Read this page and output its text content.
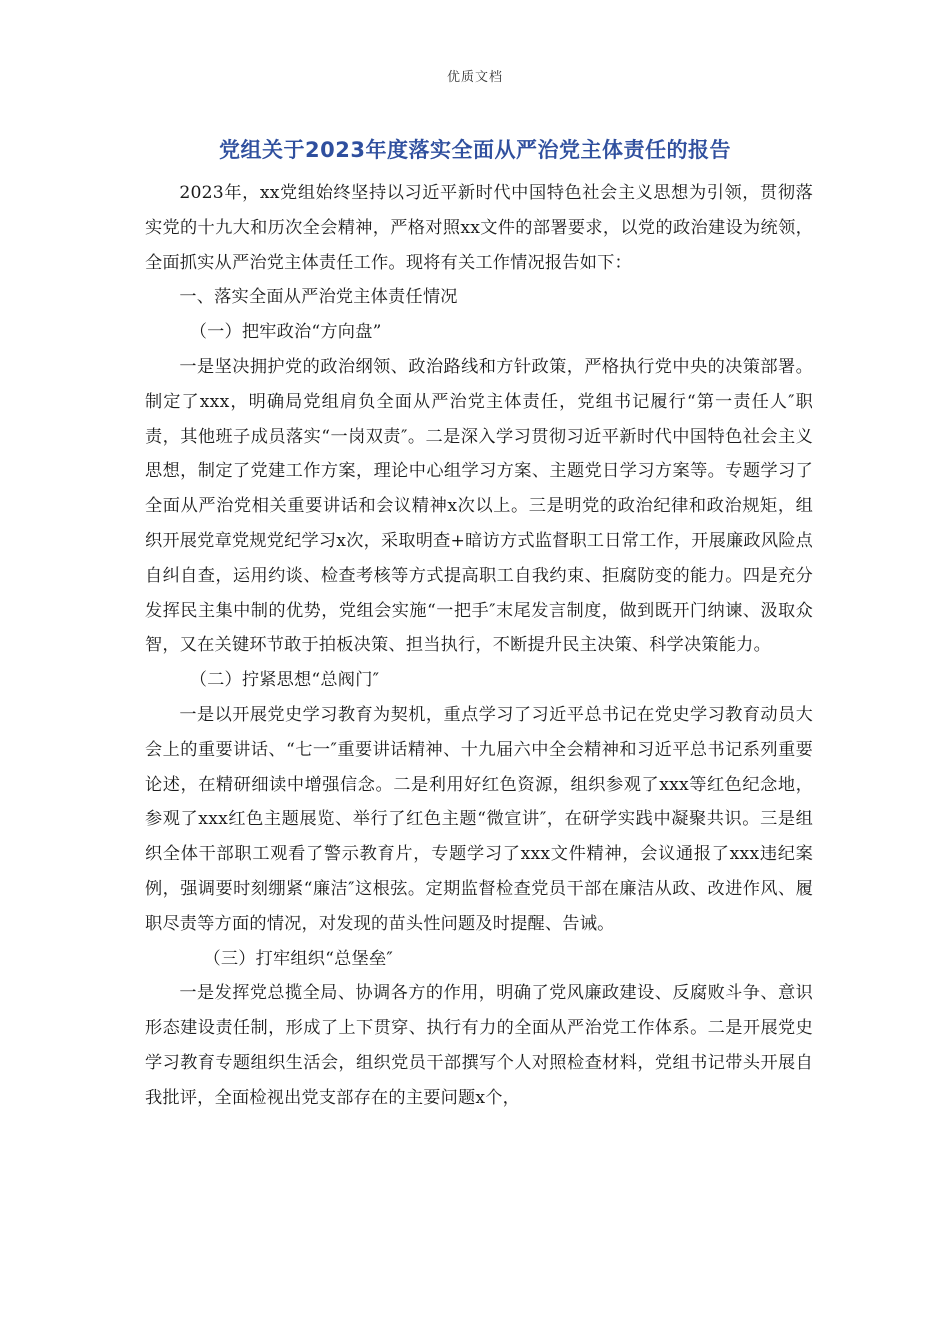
优质文档
党组关于2023年度落实全面从严治党主体责任的报告

2023年，xx党组始终坚持以习近平新时代中国特色社会主义思想为引领，贯彻落实党的十九大和历次全会精神，严格对照xx文件的部署要求，以党的政治建设为统领，全面抓实从严治党主体责任工作。现将有关工作情况报告如下：

一、落实全面从严治党主体责任情况

（一）把牢政治“方向盘”

一是坚决拥护党的政治纲领、政治路线和方针政策，严格执行党中央的决策部署。制定了xxx，明确局党组肩负全面从严治党主体责任，党组书记履行“第一责任人″职责，其他班子成员落实“一岗双责″。二是深入学习贯彻习近平新时代中国特色社会主义思想，制定了党建工作方案，理论中心组学习方案、主题党日学习方案等。专题学习了全面从严治党相关重要讲话和会议精神x次以上。三是明党的政治纪律和政治规矩，组织开展党章党规党纪学习x次，采取明查+暗访方式监督职工日常工作，开展廉政风险点自纠自查，运用约谈、检查考核等方式提高职工自我约束、拒腐防变的能力。四是充分发挥民主集中制的优势，党组会实施“一把手″末尾发言制度，做到既开门纳谏、汲取众智，又在关键环节敢于拍板决策、担当执行，不断提升民主决策、科学决策能力。

（二）拧紧思想“总阀门″

一是以开展党史学习教育为契机，重点学习了习近平总书记在党史学习教育动员大会上的重要讲话、“七一″重要讲话精神、十九届六中全会精神和习近平总书记系列重要论述，在精研细读中增强信念。二是利用好红色资源，组织参观了xxx等红色纪念地，参观了xxx红色主题展览、举行了红色主题“微宣讲″，在研学实践中凝聚共识。三是组织全体干部职工观看了警示教育片，专题学习了xxx文件精神，会议通报了xxx违纪案例，强调要时刻绷紧“廉洁″这根弦。定期监督检查党员干部在廉洁从政、改进作风、履职尽责等方面的情况，对发现的苗头性问题及时提醒、告诫。

（三）打牢组织“总堡垒″

一是发挥党总揽全局、协调各方的作用，明确了党风廉政建设、反腐败斗争、意识形态建设责任制，形成了上下贯穿、执行有力的全面从严治党工作体系。二是开展党史学习教育专题组织生活会，组织党员干部撰写个人对照检查材料，党组书记带头开展自我批评，全面检视出党支部存在的主要问题x个，
